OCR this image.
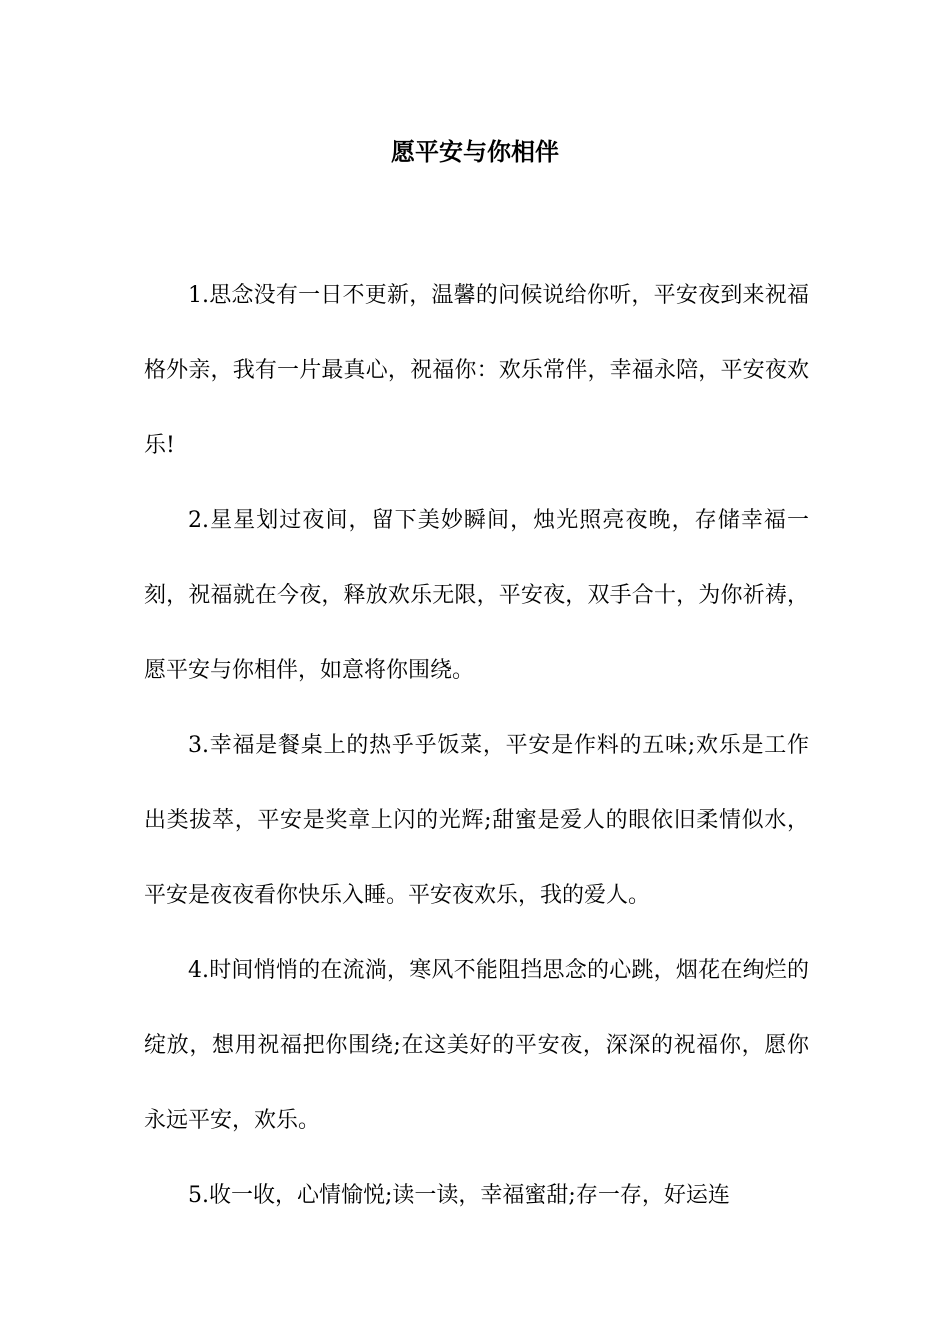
愿平安与你相伴

1.思念没有一日不更新，温馨的问候说给你听，平安夜到来祝福格外亲，我有一片最真心，祝福你：欢乐常伴，幸福永陪，平安夜欢乐!

2.星星划过夜间，留下美妙瞬间，烛光照亮夜晚，存储幸福一刻，祝福就在今夜，释放欢乐无限，平安夜，双手合十，为你祈祷，愿平安与你相伴，如意将你围绕。

3.幸福是餐桌上的热乎乎饭菜，平安是作料的五味;欢乐是工作出类拔萃，平安是奖章上闪的光辉;甜蜜是爱人的眼依旧柔情似水，平安是夜夜看你快乐入睡。平安夜欢乐，我的爱人。

4.时间悄悄的在流淌，寒风不能阻挡思念的心跳，烟花在绚烂的绽放，想用祝福把你围绕;在这美好的平安夜，深深的祝福你，愿你永远平安，欢乐。

5.收一收，心情愉悦;读一读，幸福蜜甜;存一存，好运连
